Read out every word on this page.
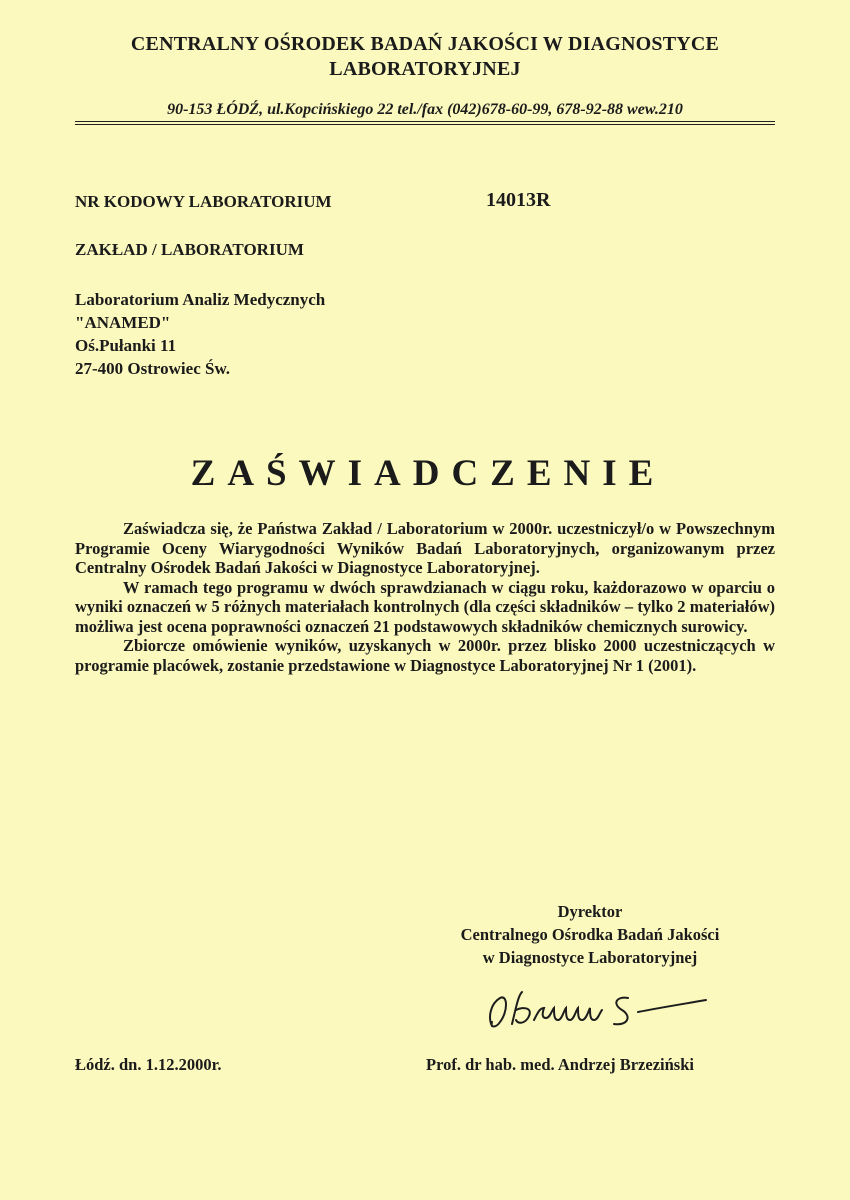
CENTRALNY OŚRODEK BADAŃ JAKOŚCI W DIAGNOSTYCE
LABORATORYJNEJ
90-153 ŁÓDŹ, ul.Kopcińskiego 22 tel./fax (042)678-60-99, 678-92-88 wew.210
NR KODOWY LABORATORIUM	14013R
ZAKŁAD / LABORATORIUM
Laboratorium Analiz Medycznych
"ANAMED"
Oś.Pułanki 11
27-400 Ostrowiec Św.
ZAŚWIADCZENIE

Zaświadcza się, że Państwa Zakład / Laboratorium w 2000r. uczestniczył/o w Powszechnym Programie Oceny Wiarygodności Wyników Badań Laboratoryjnych, organizowanym przez Centralny Ośrodek Badań Jakości w Diagnostyce Laboratoryjnej.

W ramach tego programu w dwóch sprawdzianach w ciągu roku, każdorazowo w oparciu o wyniki oznaczeń w 5 różnych materiałach kontrolnych (dla części składników – tylko 2 materiałów) możliwa jest ocena poprawności oznaczeń 21 podstawowych składników chemicznych surowicy.

Zbiorcze omówienie wyników, uzyskanych w 2000r. przez blisko 2000 uczestniczących w programie placówek, zostanie przedstawione w Diagnostyce Laboratoryjnej Nr 1 (2001).

Dyrektor
Centralnego Ośrodka Badań Jakości
w Diagnostyce Laboratoryjnej
Łódź. dn. 1.12.2000r.	Prof. dr hab. med. Andrzej Brzeziński
